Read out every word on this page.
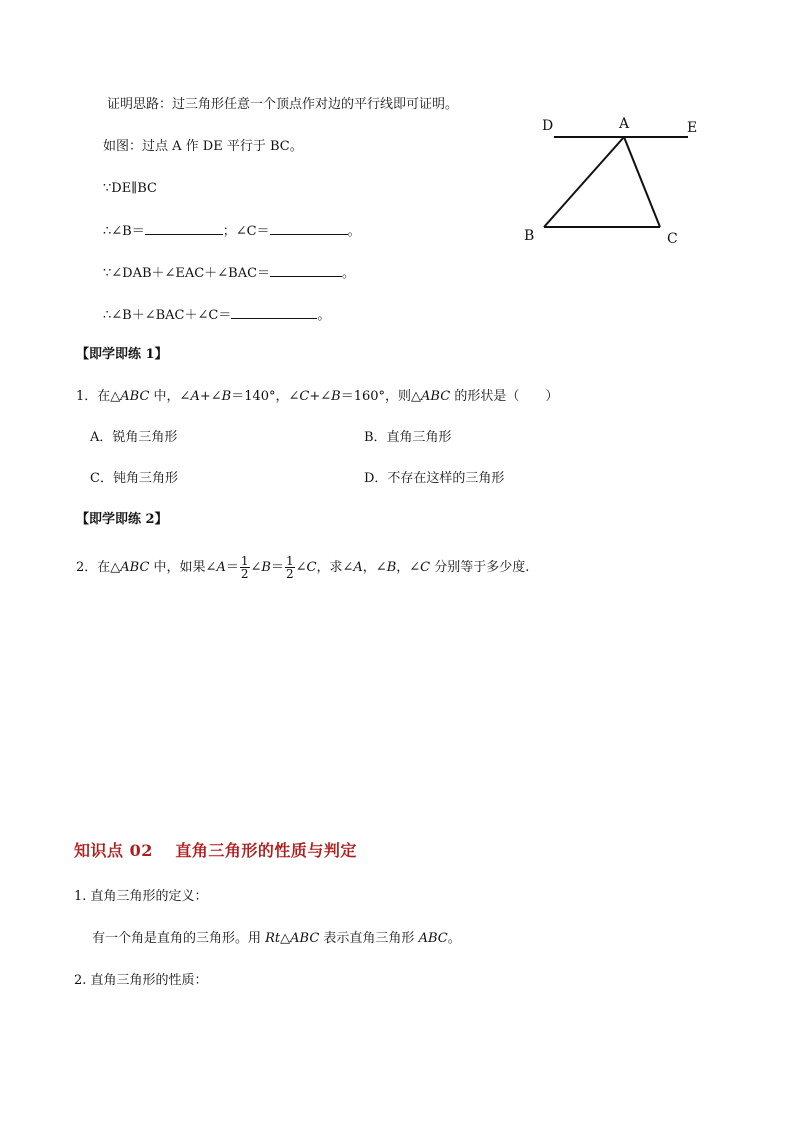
证明思路：过三角形任意一个顶点作对边的平行线即可证明。
如图：过点 A 作 DE 平行于 BC。
∵DE∥BC
∴∠B＝	；∠C＝	。
∵∠DAB＋∠EAC＋∠BAC＝	。
∴∠B＋∠BAC＋∠C＝	。
D	A	E
B	C
【即学即练 1】
1．在△ABC 中，∠A+∠B＝140°，∠C+∠B＝160°，则△ABC 的形状是（　　）
A．锐角三角形	B．直角三角形
C．钝角三角形	D．不存在这样的三角形
【即学即练 2】
2．在△ABC 中，如果∠A＝ $\frac{1}{2}$ ∠B＝ $\frac{1}{2}$ ∠C，求∠A，∠B，∠C 分别等于多少度.
知识点 02　 直角三角形的性质与判定
1. 直角三角形的定义：
有一个角是直角的三角形。用 Rt△ABC 表示直角三角形 ABC。
2. 直角三角形的性质：
